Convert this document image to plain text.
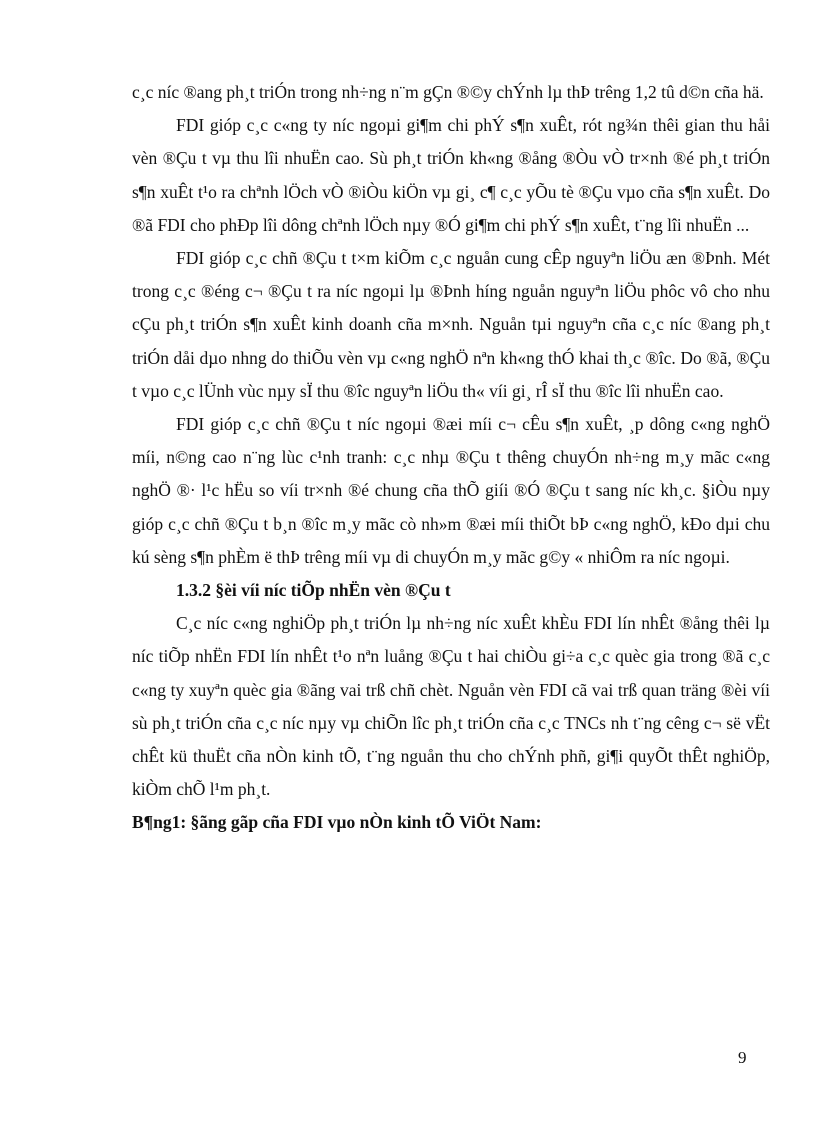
c¸c níc ®ang ph¸t triÓn trong nh÷ng n¨m gÇn ®©y chÝnh lµ thÞ trêng 1,2 tû d©n cña hä.

FDI gióp c¸c c«ng ty níc ngoµi gi¶m chi phÝ s¶n xuÊt, rót ng¾n thêi gian thu håi vèn ®Çu t vµ thu lîi nhuËn cao. Sù ph¸t triÓn kh«ng ®ång ®Òu vÒ tr×nh ®é ph¸t triÓn s¶n xuÊt t¹o ra chªnh lÖch vÒ ®iÒu kiÖn vµ gi¸ c¶ c¸c yÕu tè ®Çu vµo cña s¶n xuÊt. Do ®ã FDI cho phÐp lîi dông chªnh lÖch nµy ®Ó gi¶m chi phÝ s¶n xuÊt, t¨ng lîi nhuËn ...

FDI gióp c¸c chñ ®Çu t t×m kiÕm c¸c nguån cung cÊp nguyªn liÖu æn ®Þnh. Mét trong c¸c ®éng c¬ ®Çu t ra níc ngoµi lµ ®Þnh híng nguån nguyªn liÖu phôc vô cho nhu cÇu ph¸t triÓn s¶n xuÊt kinh doanh cña m×nh. Nguån tµi nguyªn cña c¸c níc ®ang ph¸t triÓn dåi dµo nhng do thiÕu vèn vµ c«ng nghÖ nªn kh«ng thÓ khai th¸c ®îc. Do ®ã, ®Çu t vµo c¸c lÜnh vùc nµy sÏ thu ®îc nguyªn liÖu th« víi gi¸ rÎ sÏ thu ®îc lîi nhuËn cao.

FDI gióp c¸c chñ ®Çu t níc ngoµi ®æi míi c¬ cÊu s¶n xuÊt, ¸p dông c«ng nghÖ míi, n©ng cao n¨ng lùc c¹nh tranh: c¸c nhµ ®Çu t thêng chuyÓn nh÷ng m¸y mãc c«ng nghÖ ®· l¹c hËu so víi tr×nh ®é chung cña thÕ giíi ®Ó ®Çu t sang níc kh¸c. §iÒu nµy gióp c¸c chñ ®Çu t b¸n ®îc m¸y mãc cò nh»m ®æi míi thiÕt bÞ c«ng nghÖ, kÐo dµi chu kú sèng s¶n phÈm ë thÞ trêng míi vµ di chuyÓn m¸y mãc g©y « nhiÔm ra níc ngoµi.

1.3.2 §èi víi níc tiÕp nhËn vèn ®Çu t

C¸c níc c«ng nghiÖp ph¸t triÓn lµ nh÷ng níc xuÊt khÈu FDI lín nhÊt ®ång thêi lµ níc tiÕp nhËn FDI lín nhÊt t¹o nªn luång ®Çu t hai chiÒu gi÷a c¸c quèc gia trong ®ã c¸c c«ng ty xuyªn quèc gia ®ãng vai trß chñ chèt. Nguån vèn FDI cã vai trß quan träng ®èi víi sù ph¸t triÓn cña c¸c níc nµy vµ chiÕn lîc ph¸t triÓn cña c¸c TNCs nh t¨ng cêng c¬ së vËt chÊt kü thuËt cña nÒn kinh tÕ, t¨ng nguån thu cho chÝnh phñ, gi¶i quyÕt thÊt nghiÖp, kiÒm chÕ l¹m ph¸t.

B¶ng1: §ãng gãp cña FDI vµo nÒn kinh tÕ ViÖt Nam:

9
